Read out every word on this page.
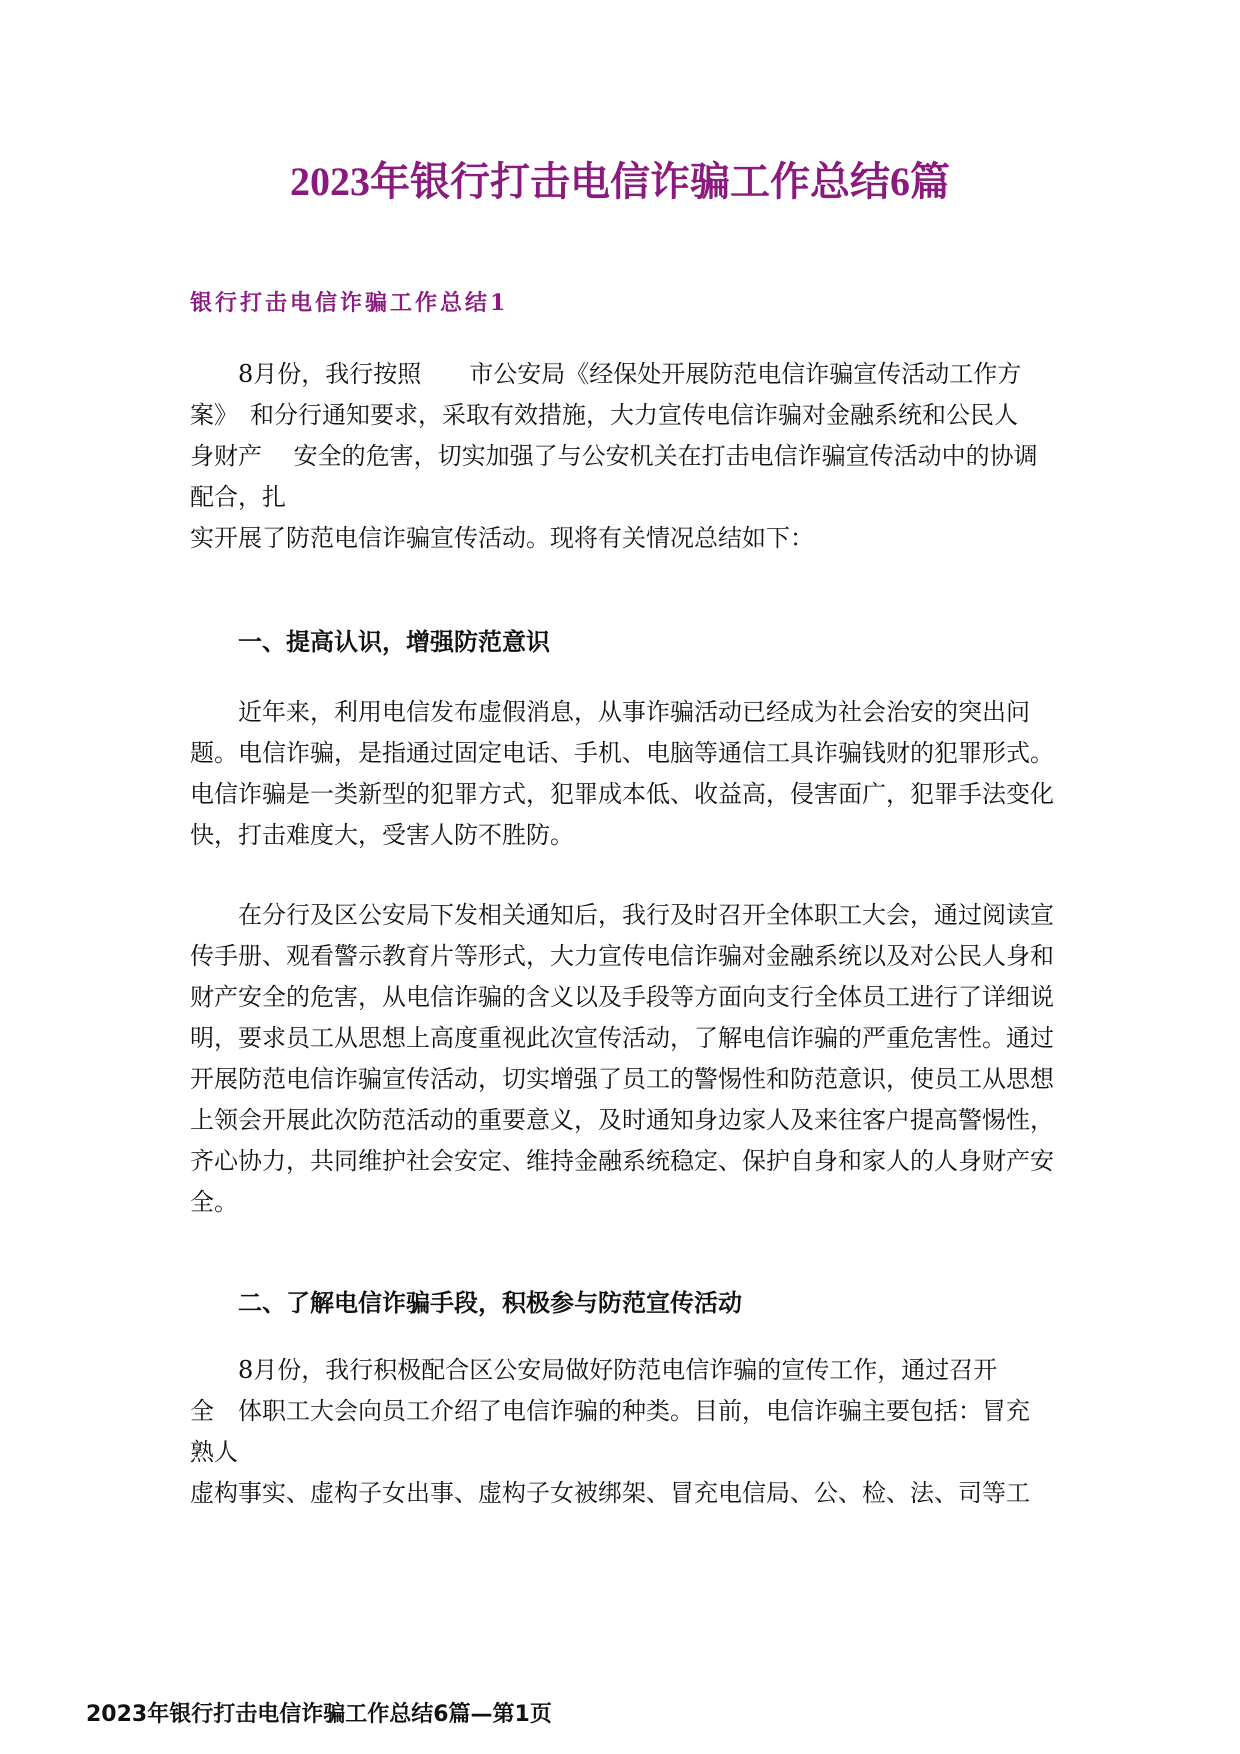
2023年银行打击电信诈骗工作总结6篇
银行打击电信诈骗工作总结1
8月份，我行按照　　市公安局《经保处开展防范电信诈骗宣传活动工作方
案》　和分行通知要求，采取有效措施，大力宣传电信诈骗对金融系统和公民人
身财产　 安全的危害，切实加强了与公安机关在打击电信诈骗宣传活动中的协调
配合，扎
实开展了防范电信诈骗宣传活动。现将有关情况总结如下：
一、提高认识，增强防范意识

近年来，利用电信发布虚假消息，从事诈骗活动已经成为社会治安的突出问题。电信诈骗，是指通过固定电话、手机、电脑等通信工具诈骗钱财的犯罪形式。电信诈骗是一类新型的犯罪方式，犯罪成本低、收益高，侵害面广，犯罪手法变化快，打击难度大，受害人防不胜防。

在分行及区公安局下发相关通知后，我行及时召开全体职工大会，通过阅读宣传手册、观看警示教育片等形式，大力宣传电信诈骗对金融系统以及对公民人身和财产安全的危害，从电信诈骗的含义以及手段等方面向支行全体员工进行了详细说明，要求员工从思想上高度重视此次宣传活动，了解电信诈骗的严重危害性。通过开展防范电信诈骗宣传活动，切实增强了员工的警惕性和防范意识，使员工从思想上领会开展此次防范活动的重要意义，及时通知身边家人及来往客户提高警惕性，齐心协力，共同维护社会安定、维持金融系统稳定、保护自身和家人的人身财产安全。

二、了解电信诈骗手段，积极参与防范宣传活动
8月份，我行积极配合区公安局做好防范电信诈骗的宣传工作，通过召开
全　体职工大会向员工介绍了电信诈骗的种类。目前，电信诈骗主要包括：冒充
熟人
虚构事实、虚构子女出事、虚构子女被绑架、冒充电信局、公、检、法、司等工
2023年银行打击电信诈骗工作总结6篇—第1页
